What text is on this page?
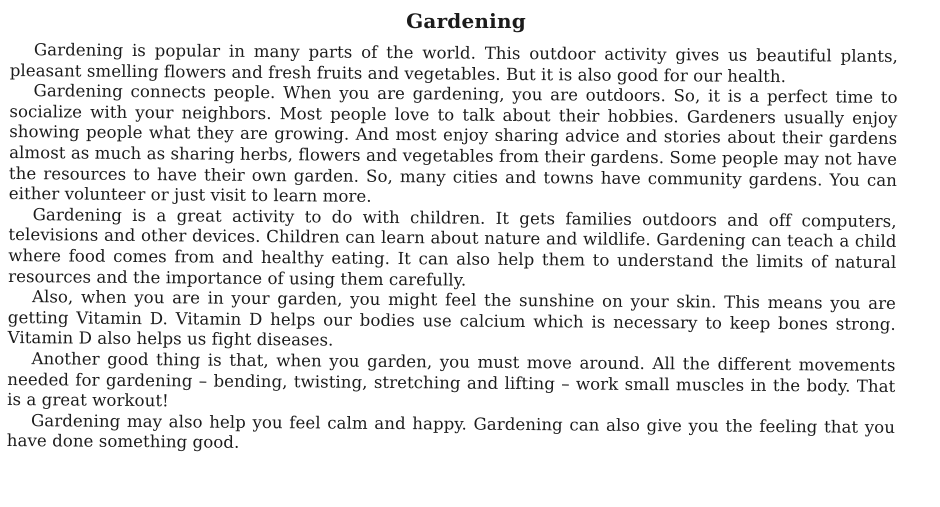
Gardening

Gardening is popular in many parts of the world. This outdoor activity gives us beautiful plants, pleasant smelling flowers and fresh fruits and vegetables. But it is also good for our health.

Gardening connects people. When you are gardening, you are outdoors. So, it is a perfect time to socialize with your neighbors. Most people love to talk about their hobbies. Gardeners usually enjoy showing people what they are growing. And most enjoy sharing advice and stories about their gardens almost as much as sharing herbs, flowers and vegetables from their gardens. Some people may not have the resources to have their own garden. So, many cities and towns have community gardens. You can either volunteer or just visit to learn more.

Gardening is a great activity to do with children. It gets families outdoors and off computers, televisions and other devices. Children can learn about nature and wildlife. Gardening can teach a child where food comes from and healthy eating. It can also help them to understand the limits of natural resources and the importance of using them carefully.

Also, when you are in your garden, you might feel the sunshine on your skin. This means you are getting Vitamin D. Vitamin D helps our bodies use calcium which is necessary to keep bones strong. Vitamin D also helps us fight diseases.

Another good thing is that, when you garden, you must move around. All the different movements needed for gardening – bending, twisting, stretching and lifting – work small muscles in the body. That is a great workout!

Gardening may also help you feel calm and happy. Gardening can also give you the feeling that you have done something good.
